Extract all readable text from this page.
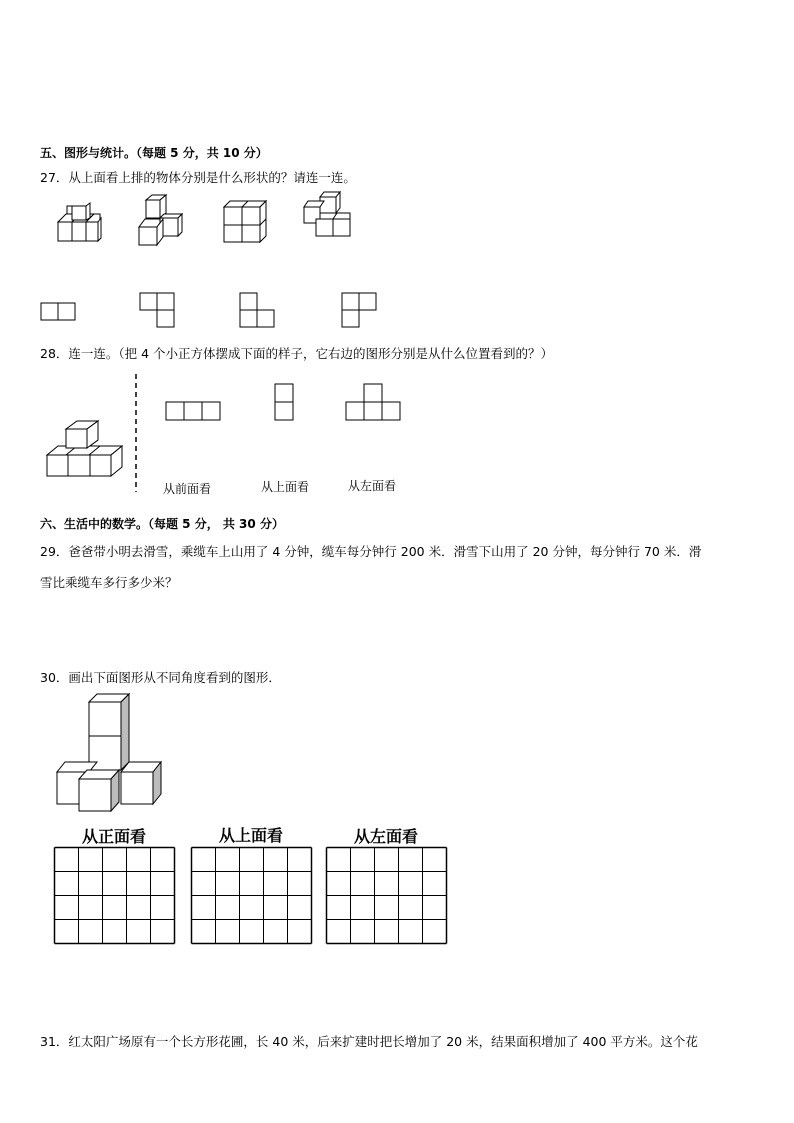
五、图形与统计。（每题 5 分，共 10 分）
27．从上面看上排的物体分别是什么形状的？请连一连。
28．连一连。（把 4 个小正方体摆成下面的样子，它右边的图形分别是从什么位置看到的？）
从前面看	从上面看	从左面看
六、生活中的数学。（每题 5 分， 共 30 分）
29．爸爸带小明去滑雪，乘缆车上山用了 4 分钟，缆车每分钟行 200 米．滑雪下山用了 20 分钟，每分钟行 70 米．滑
雪比乘缆车多行多少米？
30．画出下面图形从不同角度看到的图形．
从正面看	从上面看	从左面看
31．红太阳广场原有一个长方形花圃，长 40 米，后来扩建时把长增加了 20 米，结果面积增加了 400 平方米。这个花
